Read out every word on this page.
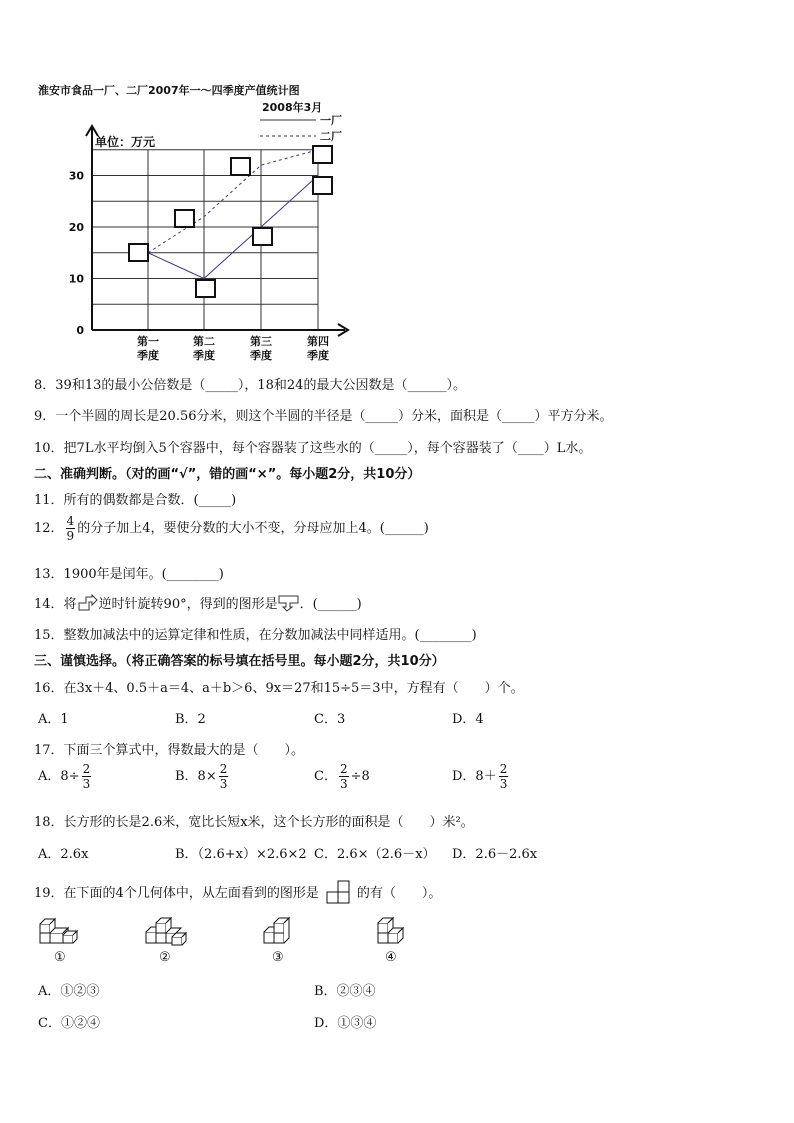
淮安市食品一厂、二厂2007年一～四季度产值统计图
2008年3月
单位：万元
0
10
20
30
第一
季度
第二
季度
第三
季度
第四
季度
一厂
二厂
8．39和13的最小公倍数是（_____），18和24的最大公因数是（______）。
9．一个半圆的周长是20.56分米，则这个半圆的半径是（_____）分米，面积是（_____）平方分米。
10．把7L水平均倒入5个容器中，每个容器装了这些水的（_____），每个容器装了（____）L水。
二、准确判断。（对的画“√”，错的画“×”。每小题2分，共10分）
11．所有的偶数都是合数．(_____)
12． $\frac{4}{9}$ 的分子加上4，要使分数的大小不变，分母应加上4。(______)
13．1900年是闰年。(________)
14．将 逆时针旋转90°，得到的图形是 ．(______)
15．整数加减法中的运算定律和性质，在分数加减法中同样适用。(________)
三、谨慎选择。（将正确答案的标号填在括号里。每小题2分，共10分）
16．在3x＋4、0.5＋a＝4、a＋b＞6、9x＝27和15÷5＝3中，方程有（　　）个。
A．1	B．2	C．3	D．4
17．下面三个算式中，得数最大的是（　　）。
A．$8\div \frac{2}{3}$	B．$8\times \frac{2}{3}$	C． $\frac{2}{3} \div 8$	D．$8+ \frac{2}{3}$
18．长方形的长是2.6米，宽比长短x米，这个长方形的面积是（　　）米²。
A．2.6x	B．（2.6+x）×2.6×2 C．2.6×（2.6－x） D．2.6－2.6x
19．在下面的4个几何体中，从左面看到的图形是	的有（　　）。
①	②	③	④
A．①②③	B．②③④
C．①②④	D．①③④
